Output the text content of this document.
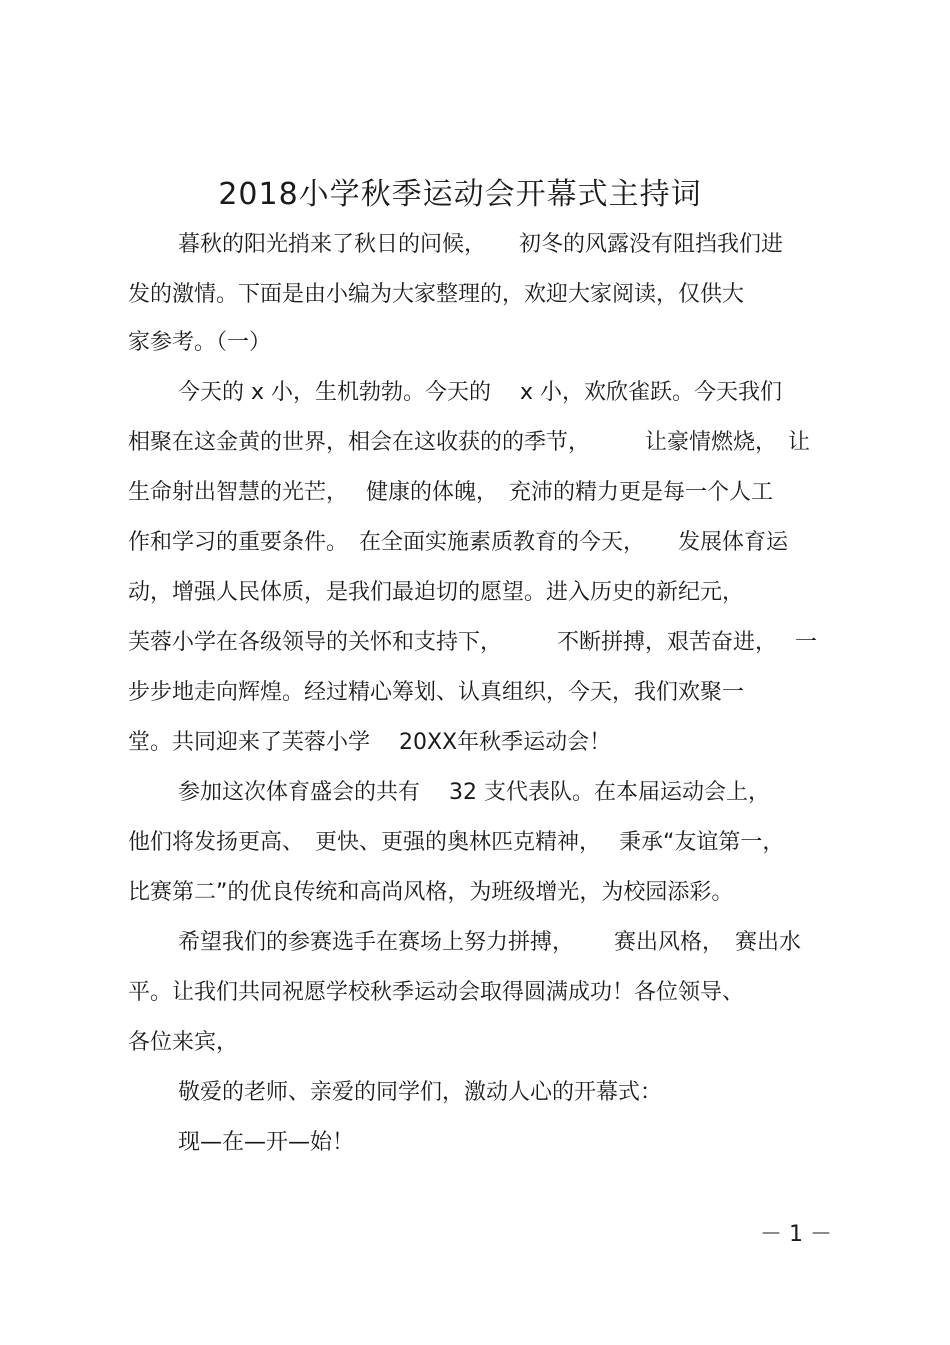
2018小学秋季运动会开幕式主持词
暮秋的阳光捎来了秋日的问候，　　初冬的风露没有阻挡我们进
发的激情。下面是由小编为大家整理的，欢迎大家阅读，仅供大
家参考。（一）
今天的 x 小，生机勃勃。今天的　 x 小，欢欣雀跃。今天我们
相聚在这金黄的世界，相会在这收获的的季节，　　　让豪情燃烧，　让
生命射出智慧的光芒，　 健康的体魄，　充沛的精力更是每一个人工
作和学习的重要条件。　在全面实施素质教育的今天，　　发展体育运
动，增强人民体质，是我们最迫切的愿望。进入历史的新纪元，
芙蓉小学在各级领导的关怀和支持下，　　　不断拼搏，艰苦奋进，　 一
步步地走向辉煌。经过精心筹划、认真组织，今天，我们欢聚一
堂。共同迎来了芙蓉小学　 20XX年秋季运动会！
参加这次体育盛会的共有　 32 支代表队。在本届运动会上，
他们将发扬更高、　更快、更强的奥林匹克精神，　 秉承“友谊第一，
比赛第二”的优良传统和高尚风格，为班级增光，为校园添彩。
希望我们的参赛选手在赛场上努力拼搏，　　 赛出风格，　赛出水
平。让我们共同祝愿学校秋季运动会取得圆满成功！各位领导、
各位来宾，
敬爱的老师、亲爱的同学们，激动人心的开幕式：
现—在—开—始！
－ 1 －
